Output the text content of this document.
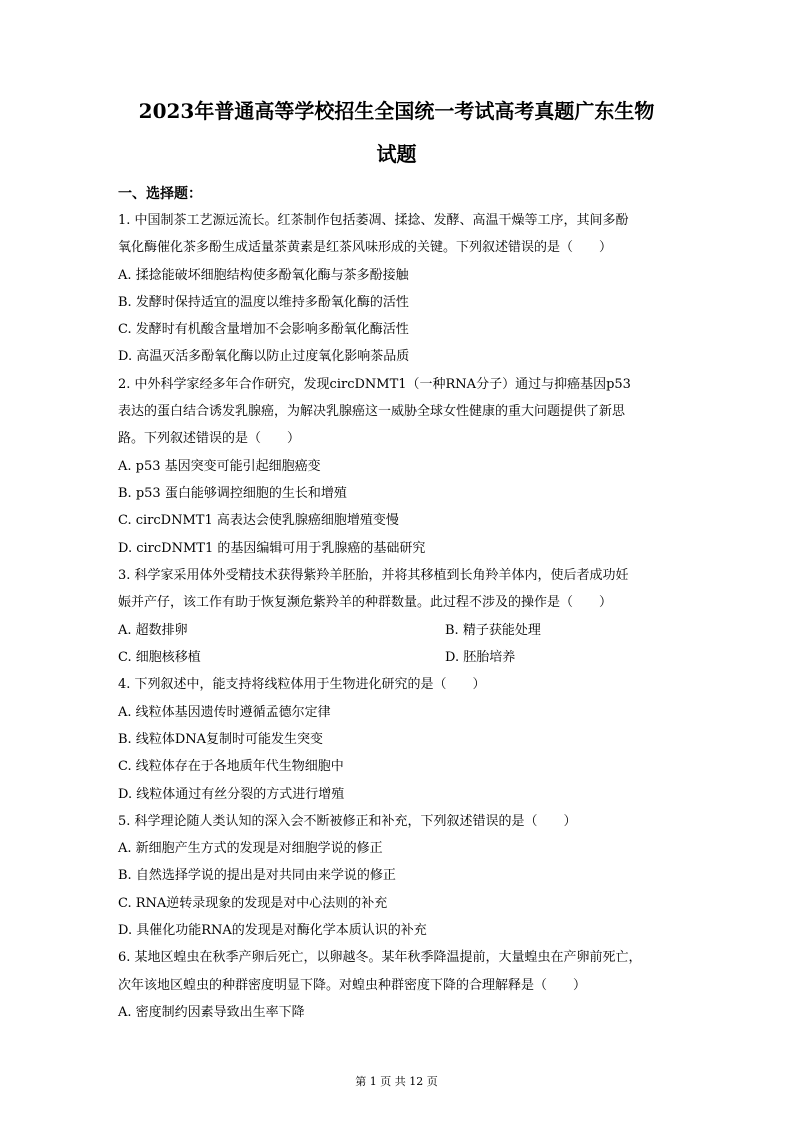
2023年普通高等学校招生全国统一考试高考真题广东生物
试题
一、选择题：
1. 中国制茶工艺源远流长。红茶制作包括萎凋、揉捻、发酵、高温干燥等工序，其间多酚
氧化酶催化茶多酚生成适量茶黄素是红茶风味形成的关键。下列叙述错误的是（　　）
A. 揉捻能破坏细胞结构使多酚氧化酶与茶多酚接触
B. 发酵时保持适宜的温度以维持多酚氧化酶的活性
C. 发酵时有机酸含量增加不会影响多酚氧化酶活性
D. 高温灭活多酚氧化酶以防止过度氧化影响茶品质
2. 中外科学家经多年合作研究，发现circDNMT1（一种RNA分子）通过与抑癌基因p53
表达的蛋白结合诱发乳腺癌，为解决乳腺癌这一威胁全球女性健康的重大问题提供了新思
路。下列叙述错误的是（　　）
A. p53 基因突变可能引起细胞癌变
B. p53 蛋白能够调控细胞的生长和增殖
C. circDNMT1 高表达会使乳腺癌细胞增殖变慢
D. circDNMT1 的基因编辑可用于乳腺癌的基础研究
3. 科学家采用体外受精技术获得紫羚羊胚胎，并将其移植到长角羚羊体内，使后者成功妊
娠并产仔，该工作有助于恢复濒危紫羚羊的种群数量。此过程不涉及的操作是（　　）
A. 超数排卵	B. 精子获能处理
C. 细胞核移植	D. 胚胎培养
4. 下列叙述中，能支持将线粒体用于生物进化研究的是（　　）
A. 线粒体基因遗传时遵循孟德尔定律
B. 线粒体DNA复制时可能发生突变
C. 线粒体存在于各地质年代生物细胞中
D. 线粒体通过有丝分裂的方式进行增殖
5. 科学理论随人类认知的深入会不断被修正和补充，下列叙述错误的是（　　）
A. 新细胞产生方式的发现是对细胞学说的修正
B. 自然选择学说的提出是对共同由来学说的修正
C. RNA逆转录现象的发现是对中心法则的补充
D. 具催化功能RNA的发现是对酶化学本质认识的补充
6. 某地区蝗虫在秋季产卵后死亡，以卵越冬。某年秋季降温提前，大量蝗虫在产卵前死亡，
次年该地区蝗虫的种群密度明显下降。对蝗虫种群密度下降的合理解释是（　　）
A. 密度制约因素导致出生率下降
第 1 页 共 12 页
